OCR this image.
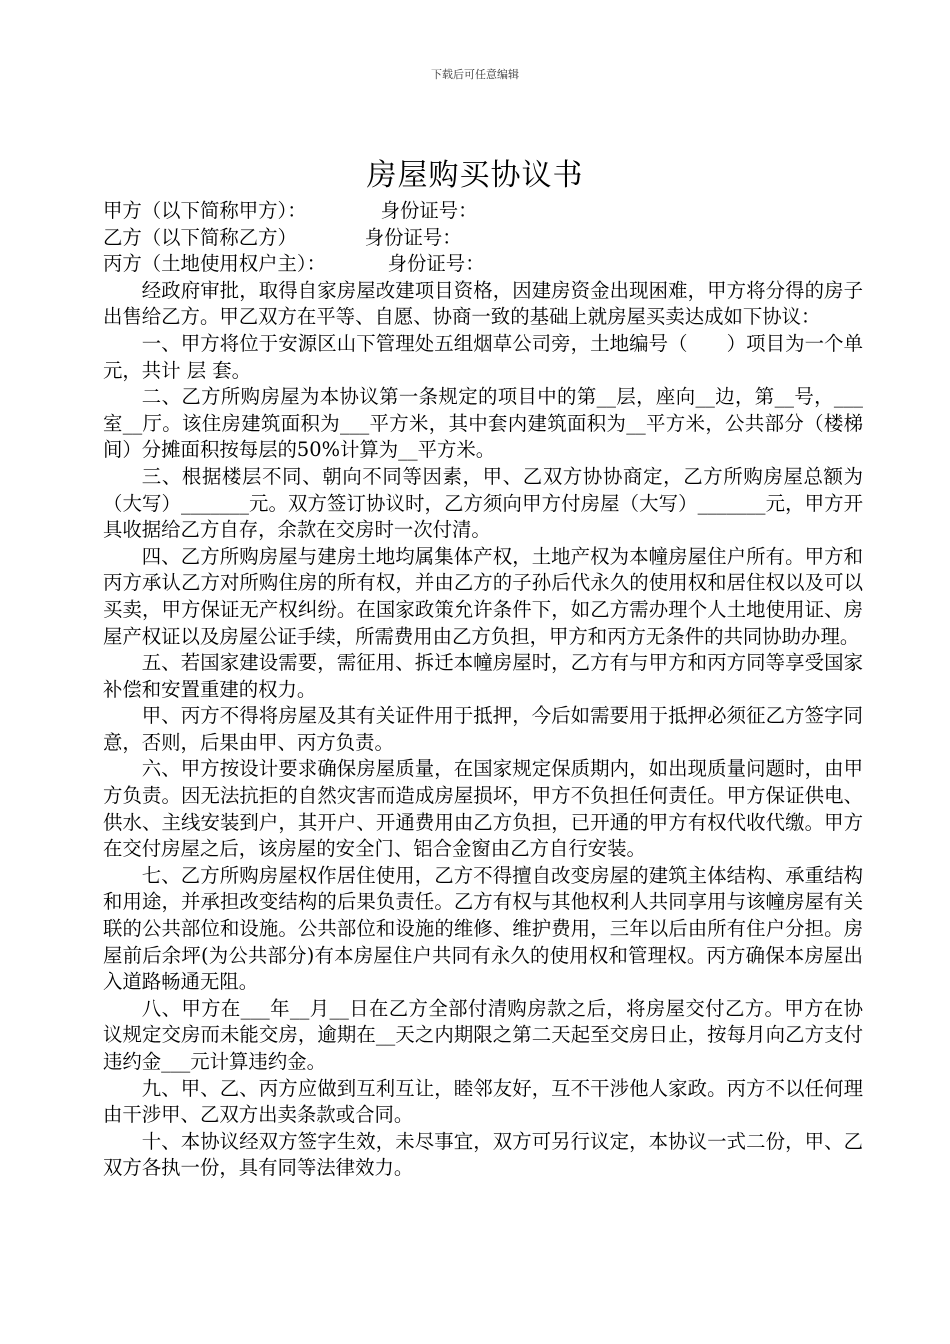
下载后可任意编辑
房屋购买协议书

甲方（以下简称甲方）：	身份证号：

乙方（以下简称乙方）	身份证号：

丙方（土地使用权户主）：	身份证号：

经政府审批，取得自家房屋改建项目资格，因建房资金出现困难，甲方将分得的房子出售给乙方。甲乙双方在平等、自愿、协商一致的基础上就房屋买卖达成如下协议：

一、甲方将位于安源区山下管理处五组烟草公司旁，土地编号（　　）项目为一个单元，共计 层 套。

二、乙方所购房屋为本协议第一条规定的项目中的第__层，座向__边，第__号，___室__厅。该住房建筑面积为___平方米，其中套内建筑面积为__平方米，公共部分（楼梯间）分摊面积按每层的50%计算为__平方米。

三、根据楼层不同、朝向不同等因素，甲、乙双方协协商定，乙方所购房屋总额为（大写）_______元。双方签订协议时，乙方须向甲方付房屋（大写）_______元，甲方开具收据给乙方自存，余款在交房时一次付清。

四、乙方所购房屋与建房土地均属集体产权，土地产权为本幢房屋住户所有。甲方和丙方承认乙方对所购住房的所有权，并由乙方的子孙后代永久的使用权和居住权以及可以买卖，甲方保证无产权纠纷。在国家政策允许条件下，如乙方需办理个人土地使用证、房屋产权证以及房屋公证手续，所需费用由乙方负担，甲方和丙方无条件的共同协助办理。

五、若国家建设需要，需征用、拆迁本幢房屋时，乙方有与甲方和丙方同等享受国家补偿和安置重建的权力。

甲、丙方不得将房屋及其有关证件用于抵押，今后如需要用于抵押必须征乙方签字同意，否则，后果由甲、丙方负责。

六、甲方按设计要求确保房屋质量，在国家规定保质期内，如出现质量问题时，由甲方负责。因无法抗拒的自然灾害而造成房屋损坏，甲方不负担任何责任。甲方保证供电、供水、主线安装到户，其开户、开通费用由乙方负担，已开通的甲方有权代收代缴。甲方在交付房屋之后，该房屋的安全门、铝合金窗由乙方自行安装。

七、乙方所购房屋权作居住使用，乙方不得擅自改变房屋的建筑主体结构、承重结构和用途，并承担改变结构的后果负责任。乙方有权与其他权利人共同享用与该幢房屋有关联的公共部位和设施。公共部位和设施的维修、维护费用，三年以后由所有住户分担。房屋前后余坪(为公共部分)有本房屋住户共同有永久的使用权和管理权。丙方确保本房屋出入道路畅通无阻。

八、甲方在___年__月__日在乙方全部付清购房款之后，将房屋交付乙方。甲方在协议规定交房而未能交房，逾期在__天之内期限之第二天起至交房日止，按每月向乙方支付违约金___元计算违约金。

九、甲、乙、丙方应做到互利互让，睦邻友好，互不干涉他人家政。丙方不以任何理由干涉甲、乙双方出卖条款或合同。

十、本协议经双方签字生效，未尽事宜，双方可另行议定，本协议一式二份，甲、乙双方各执一份，具有同等法律效力。
